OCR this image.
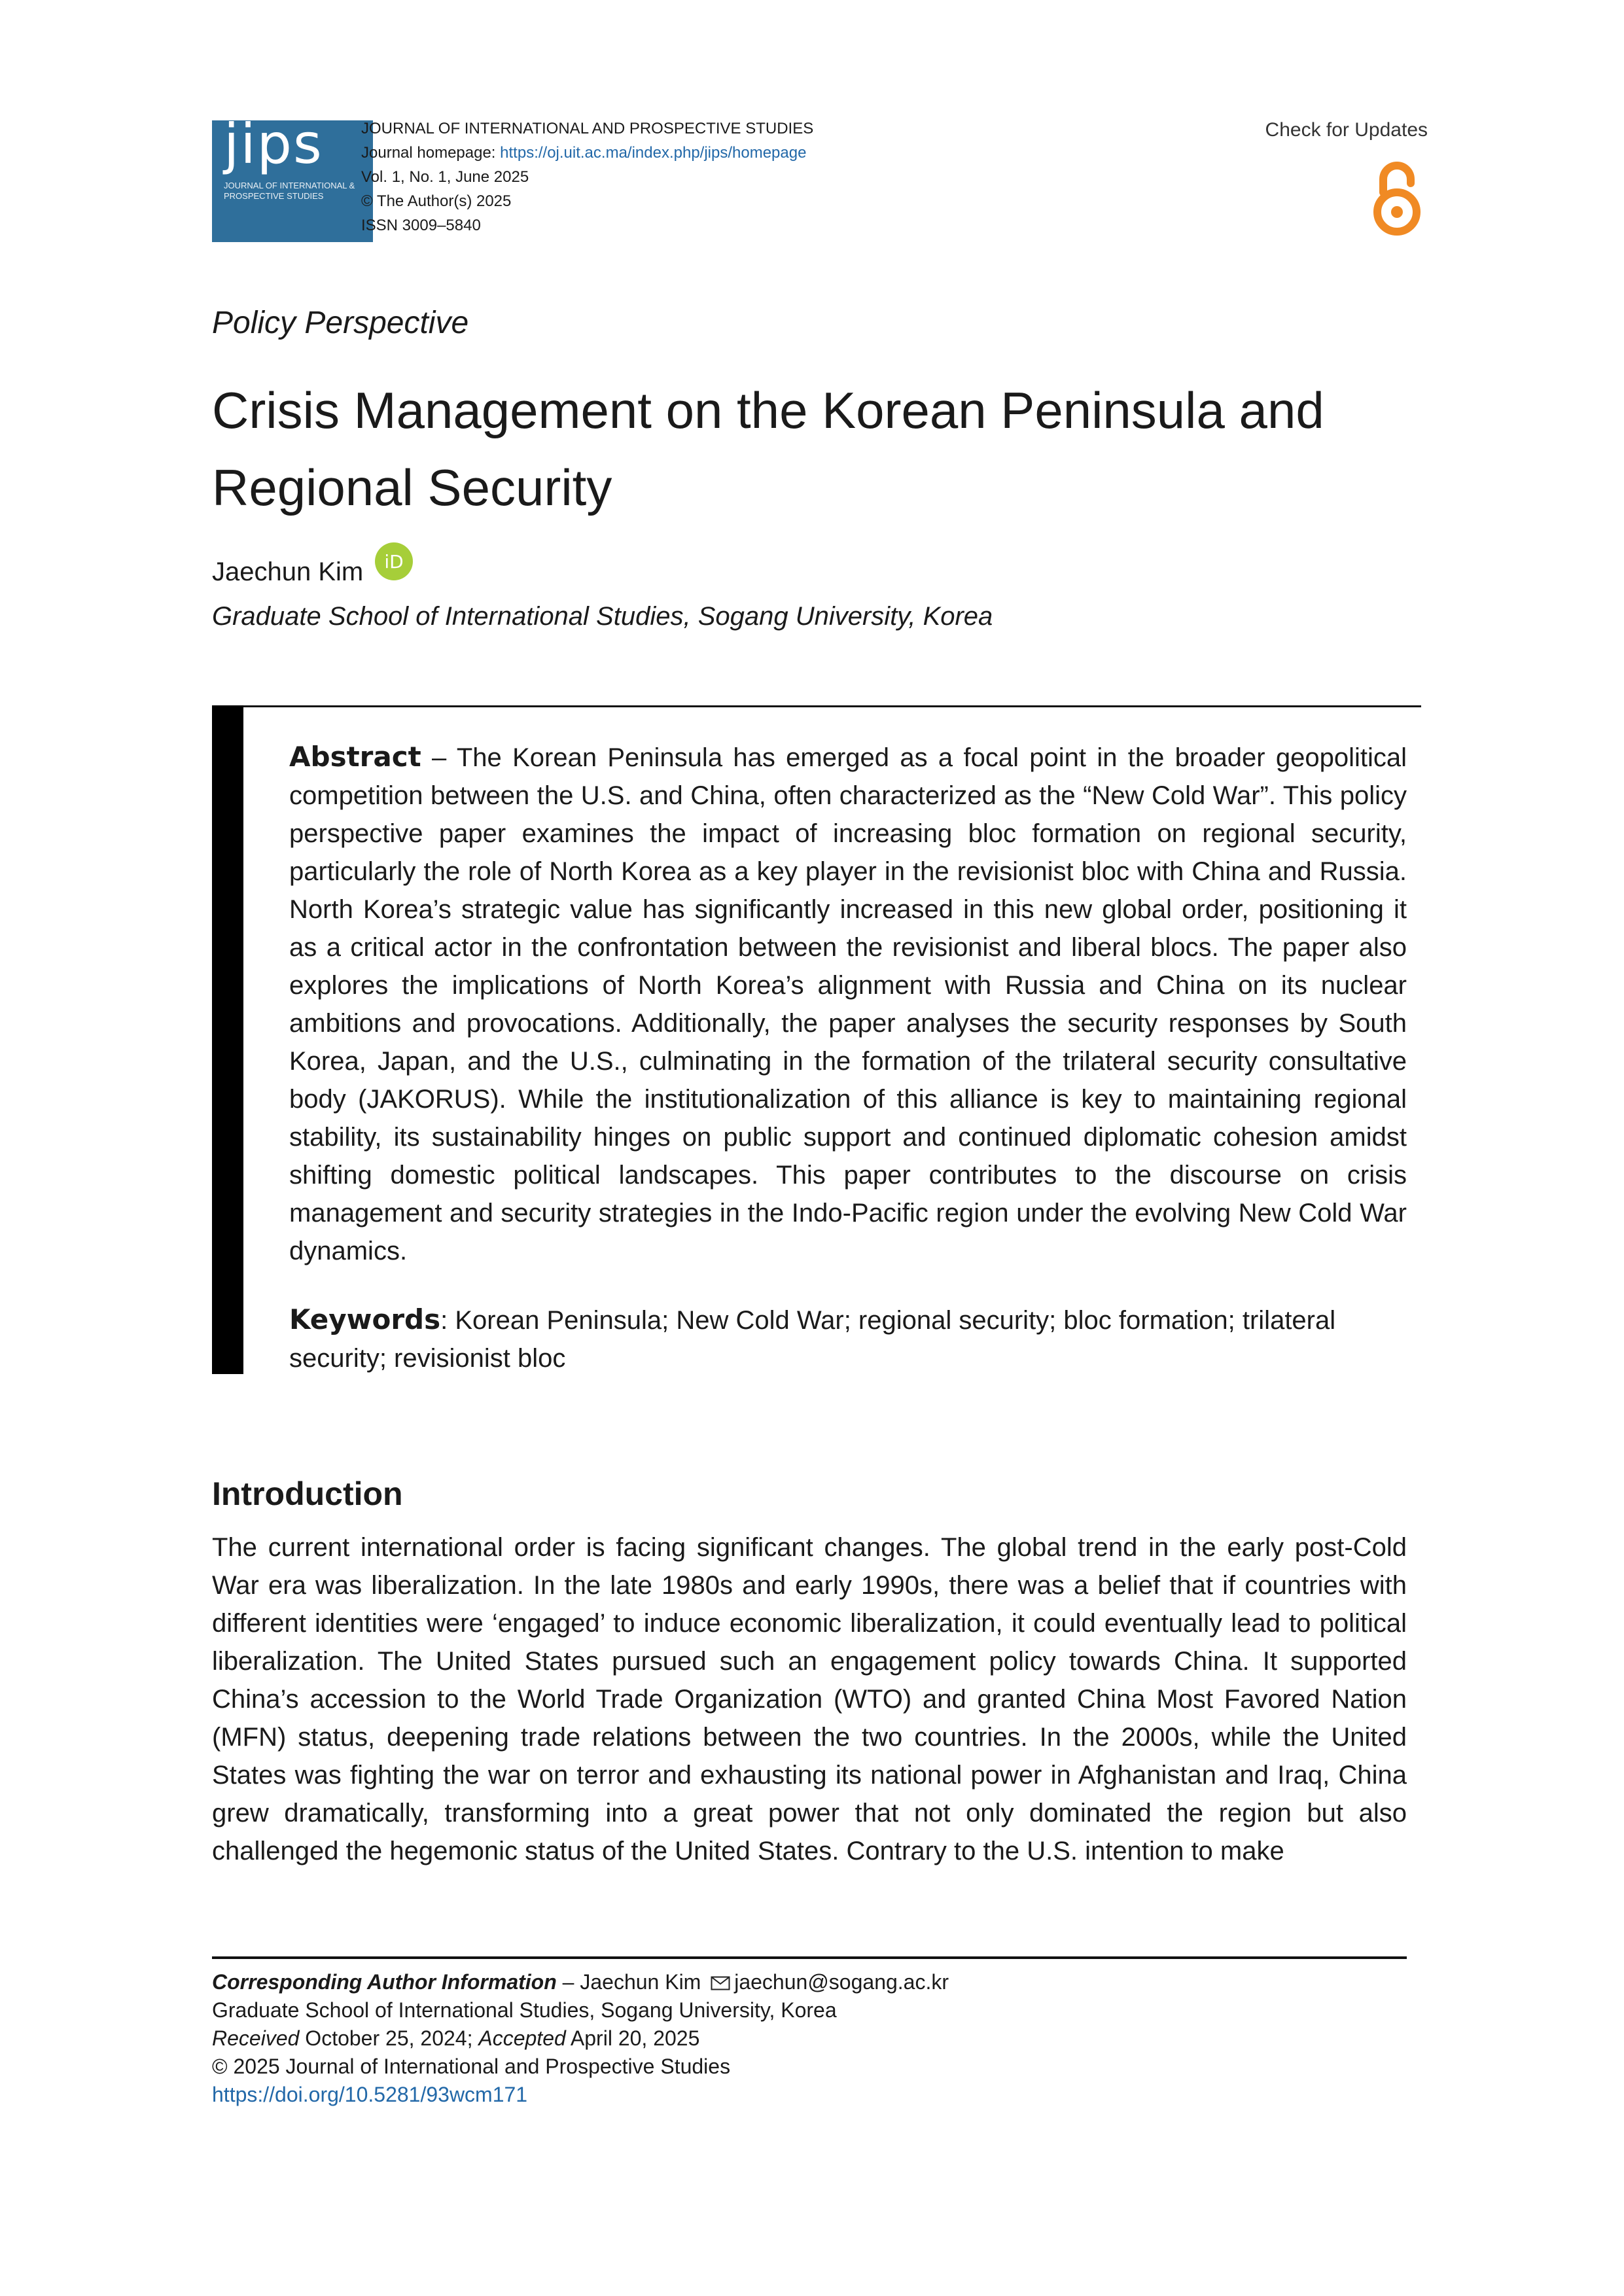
jips
JOURNAL OF INTERNATIONAL & PROSPECTIVE STUDIES
JOURNAL OF INTERNATIONAL AND PROSPECTIVE STUDIES
Journal homepage: https://oj.uit.ac.ma/index.php/jips/homepage
Vol. 1, No. 1, June 2025
© The Author(s) 2025
ISSN 3009–5840
Check for Updates
Policy Perspective
Crisis Management on the Korean Peninsula and Regional Security
Jaechun Kim iD
Graduate School of International Studies, Sogang University, Korea
Abstract – The Korean Peninsula has emerged as a focal point in the broader geopolitical competition between the U.S. and China, often characterized as the “New Cold War”. This policy perspective paper examines the impact of increasing bloc formation on regional security, particularly the role of North Korea as a key player in the revisionist bloc with China and Russia. North Korea’s strategic value has significantly increased in this new global order, positioning it as a critical actor in the confrontation between the revisionist and liberal blocs. The paper also explores the implications of North Korea’s alignment with Russia and China on its nuclear ambitions and provocations. Additionally, the paper analyses the security responses by South Korea, Japan, and the U.S., culminating in the formation of the trilateral security consultative body (JAKORUS). While the institutionalization of this alliance is key to maintaining regional stability, its sustainability hinges on public support and continued diplomatic cohesion amidst shifting domestic political landscapes. This paper contributes to the discourse on crisis management and security strategies in the Indo-Pacific region under the evolving New Cold War dynamics.
Keywords: Korean Peninsula; New Cold War; regional security; bloc formation; trilateral security; revisionist bloc
Introduction
The current international order is facing significant changes. The global trend in the early post-Cold War era was liberalization. In the late 1980s and early 1990s, there was a belief that if countries with different identities were ‘engaged’ to induce economic liberalization, it could eventually lead to political liberalization. The United States pursued such an engagement policy towards China. It supported China’s accession to the World Trade Organization (WTO) and granted China Most Favored Nation (MFN) status, deepening trade relations between the two countries. In the 2000s, while the United States was fighting the war on terror and exhausting its national power in Afghanistan and Iraq, China grew dramatically, transforming into a great power that not only dominated the region but also challenged the hegemonic status of the United States. Contrary to the U.S. intention to make
Corresponding Author Information – Jaechun Kim jaechun@sogang.ac.kr
Graduate School of International Studies, Sogang University, Korea
Received October 25, 2024; Accepted April 20, 2025
© 2025 Journal of International and Prospective Studies
https://doi.org/10.5281/93wcm171
